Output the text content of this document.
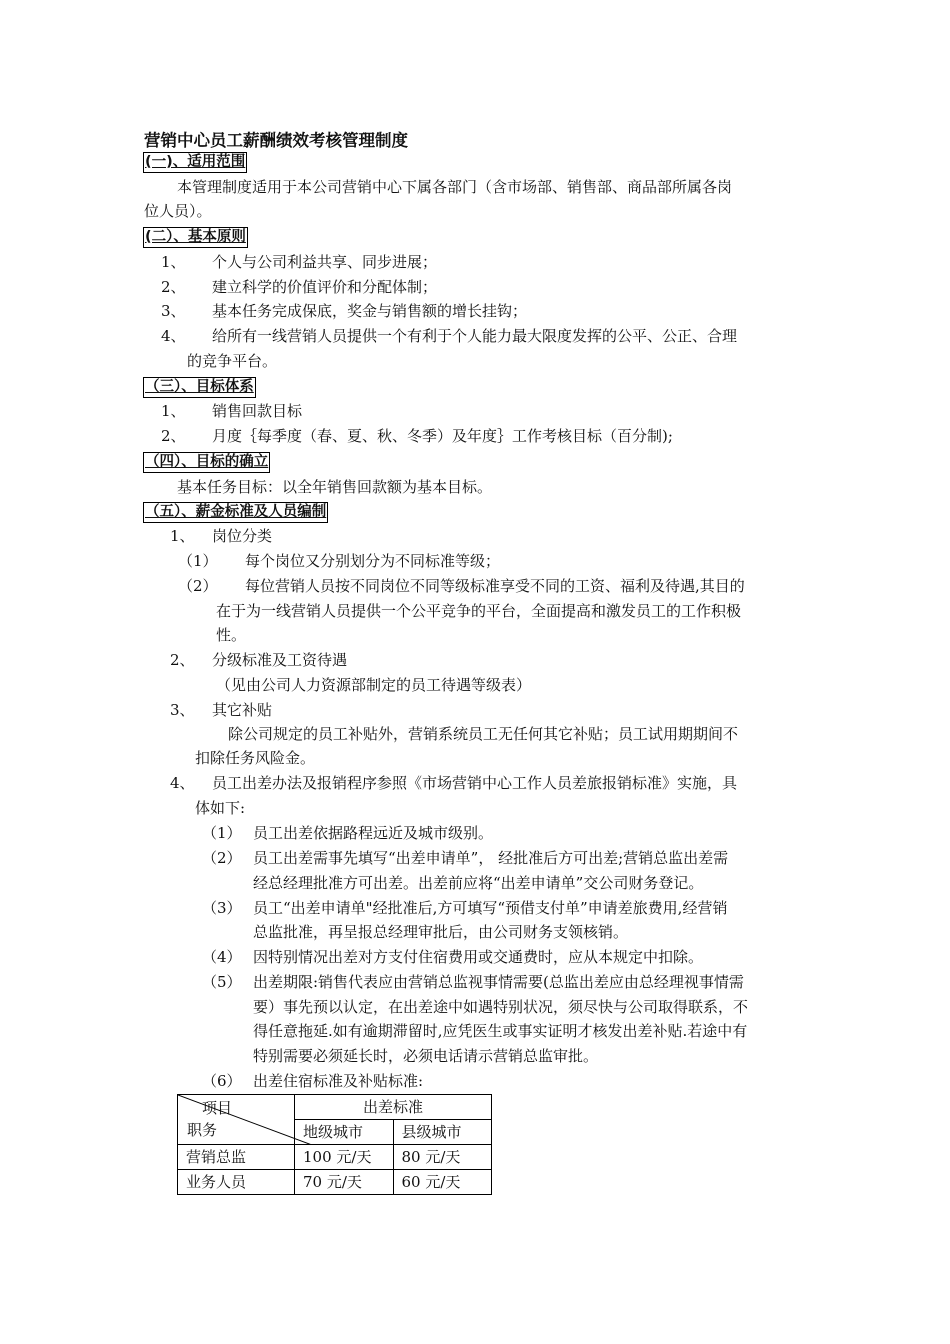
营销中心员工薪酬绩效考核管理制度
(一)、适用范围
本管理制度适用于本公司营销中心下属各部门（含市场部、销售部、商品部所属各岗
位人员）。
(二）、基本原则
1、 个人与公司利益共享、同步进展；
2、 建立科学的价值评价和分配体制；
3、 基本任务完成保底，奖金与销售额的增长挂钩；
4、 给所有一线营销人员提供一个有利于个人能力最大限度发挥的公平、公正、合理
的竞争平台。
（三）、目标体系
1、 销售回款目标
2、 月度｛每季度（春、夏、秋、冬季）及年度｝工作考核目标（百分制);
（四）、目标的确立
基本任务目标：以全年销售回款额为基本目标。
（五）、薪金标准及人员编制
1、 岗位分类
（1） 每个岗位又分别划分为不同标准等级；
（2） 每位营销人员按不同岗位不同等级标准享受不同的工资、福利及待遇,其目的
在于为一线营销人员提供一个公平竞争的平台，全面提高和激发员工的工作积极
性。
2、 分级标准及工资待遇
（见由公司人力资源部制定的员工待遇等级表）
3、 其它补贴
除公司规定的员工补贴外，营销系统员工无任何其它补贴；员工试用期期间不
扣除任务风险金。
4、 员工出差办法及报销程序参照《市场营销中心工作人员差旅报销标准》实施，具
体如下:
（1） 员工出差依据路程远近及城市级别。
（2） 员工出差需事先填写“出差申请单”， 经批准后方可出差;营销总监出差需
经总经理批准方可出差。出差前应将“出差申请单”交公司财务登记。
（3） 员工“出差申请单"经批准后,方可填写“预借支付单”申请差旅费用,经营销
总监批准，再呈报总经理审批后，由公司财务支领核销。
（4） 因特别情况出差对方支付住宿费用或交通费时，应从本规定中扣除。
（5） 出差期限:销售代表应由营销总监视事情需要(总监出差应由总经理视事情需
要）事先预以认定，在出差途中如遇特别状况，须尽快与公司取得联系，不
得任意拖延.如有逾期滞留时,应凭医生或事实证明才核发出差补贴.若途中有
特别需要必须延长时，必须电话请示营销总监审批。
（6） 出差住宿标准及补贴标准:
项目
职务	出差标准	
	地级城市	县级城市
营销总监	100 元/天	80 元/天
业务人员	70 元/天	60 元/天
